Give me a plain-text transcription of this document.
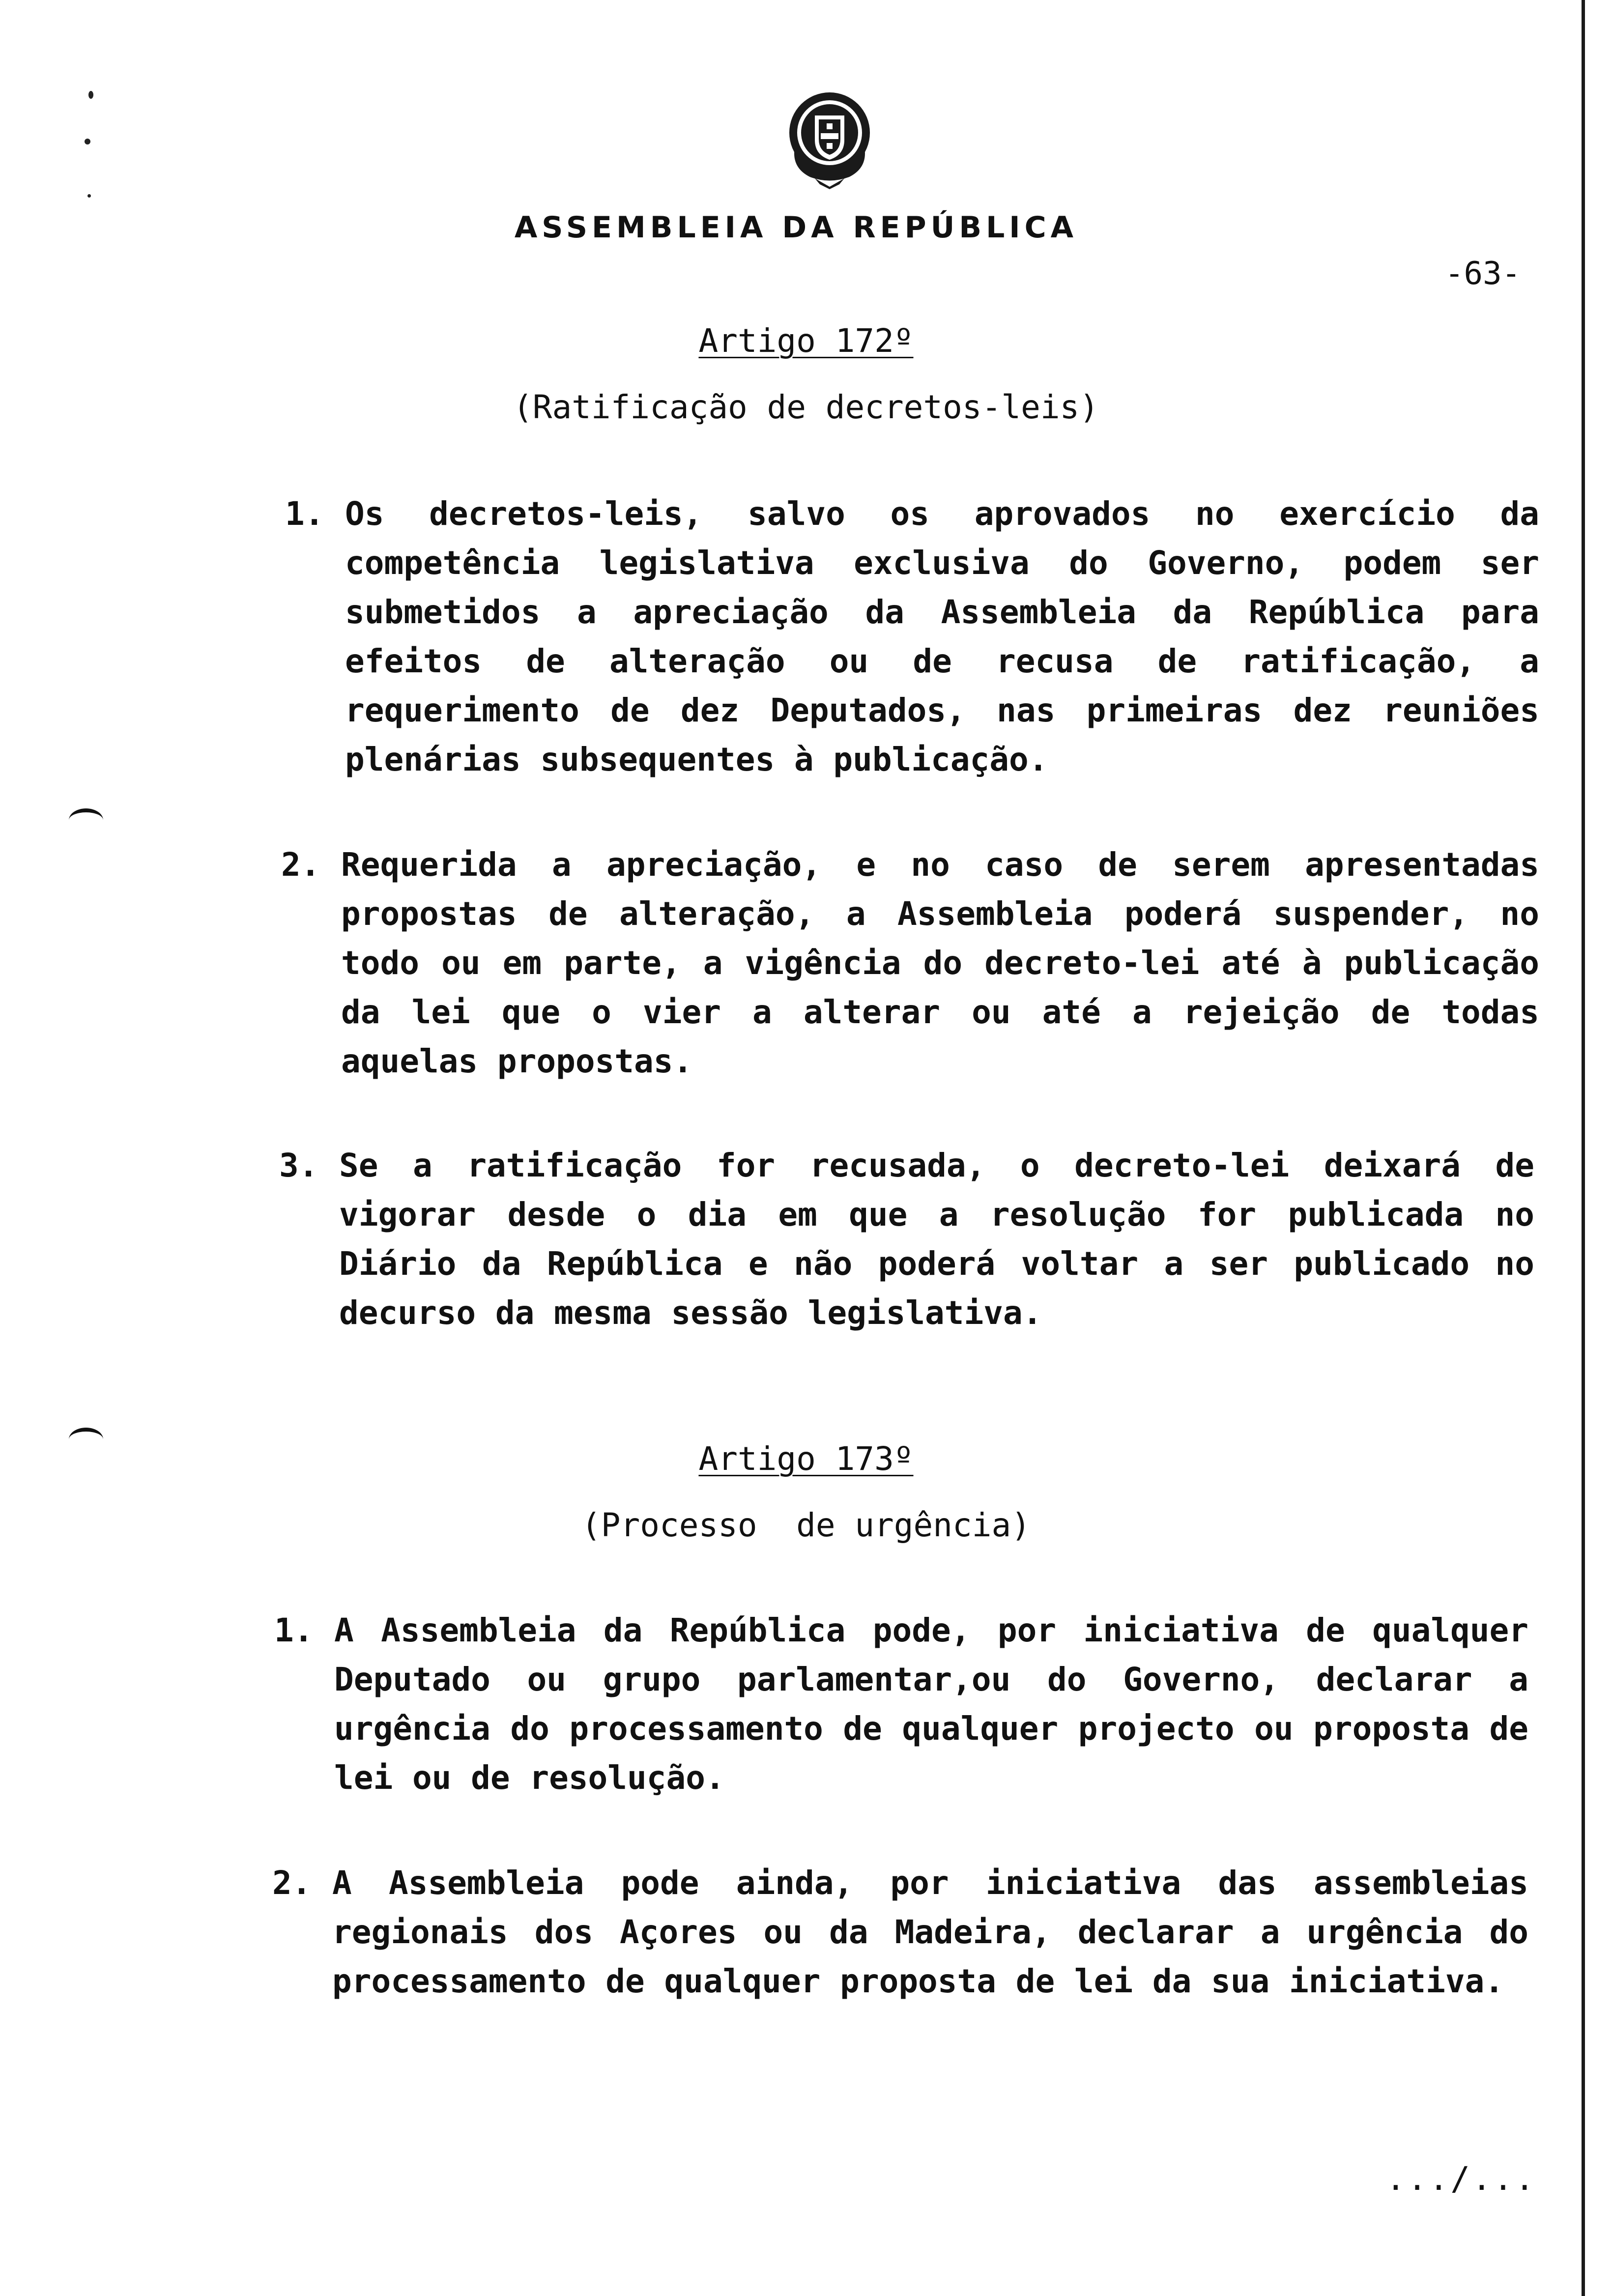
ASSEMBLEIA DA REPÚBLICA
-63-
Artigo 172º
(Ratificação de decretos-leis)
1. Os decretos-leis, salvo os aprovados no exercício da competência legislativa exclusiva do Governo, podem ser submetidos a apreciação da Assembleia da República para efeitos de alteração ou de recusa de ratificação, a requerimento de dez Deputados, nas primeiras dez reuniões plenárias subsequentes à publicação.
2. Requerida a apreciação, e no caso de serem apresentadas propostas de alteração, a Assembleia poderá suspender, no todo ou em parte, a vigência do decreto-lei até à publicação da lei que o vier a alterar ou até a rejeição de todas aquelas propostas.
3. Se a ratificação for recusada, o decreto-lei deixará de vigorar desde o dia em que a resolução for publicada no Diário da República e não poderá voltar a ser publicado no decurso da mesma sessão legislativa.
Artigo 173º
(Processo  de urgência)
1. A Assembleia da República pode, por iniciativa de qualquer Deputado ou grupo parlamentar,ou do Governo, declarar a urgência do processamento de qualquer projecto ou proposta de lei ou de resolução.
2. A Assembleia pode ainda, por iniciativa das assembleias regionais dos Açores ou da Madeira, declarar a urgência do processamento de qualquer proposta de lei da sua iniciativa.
.../...
